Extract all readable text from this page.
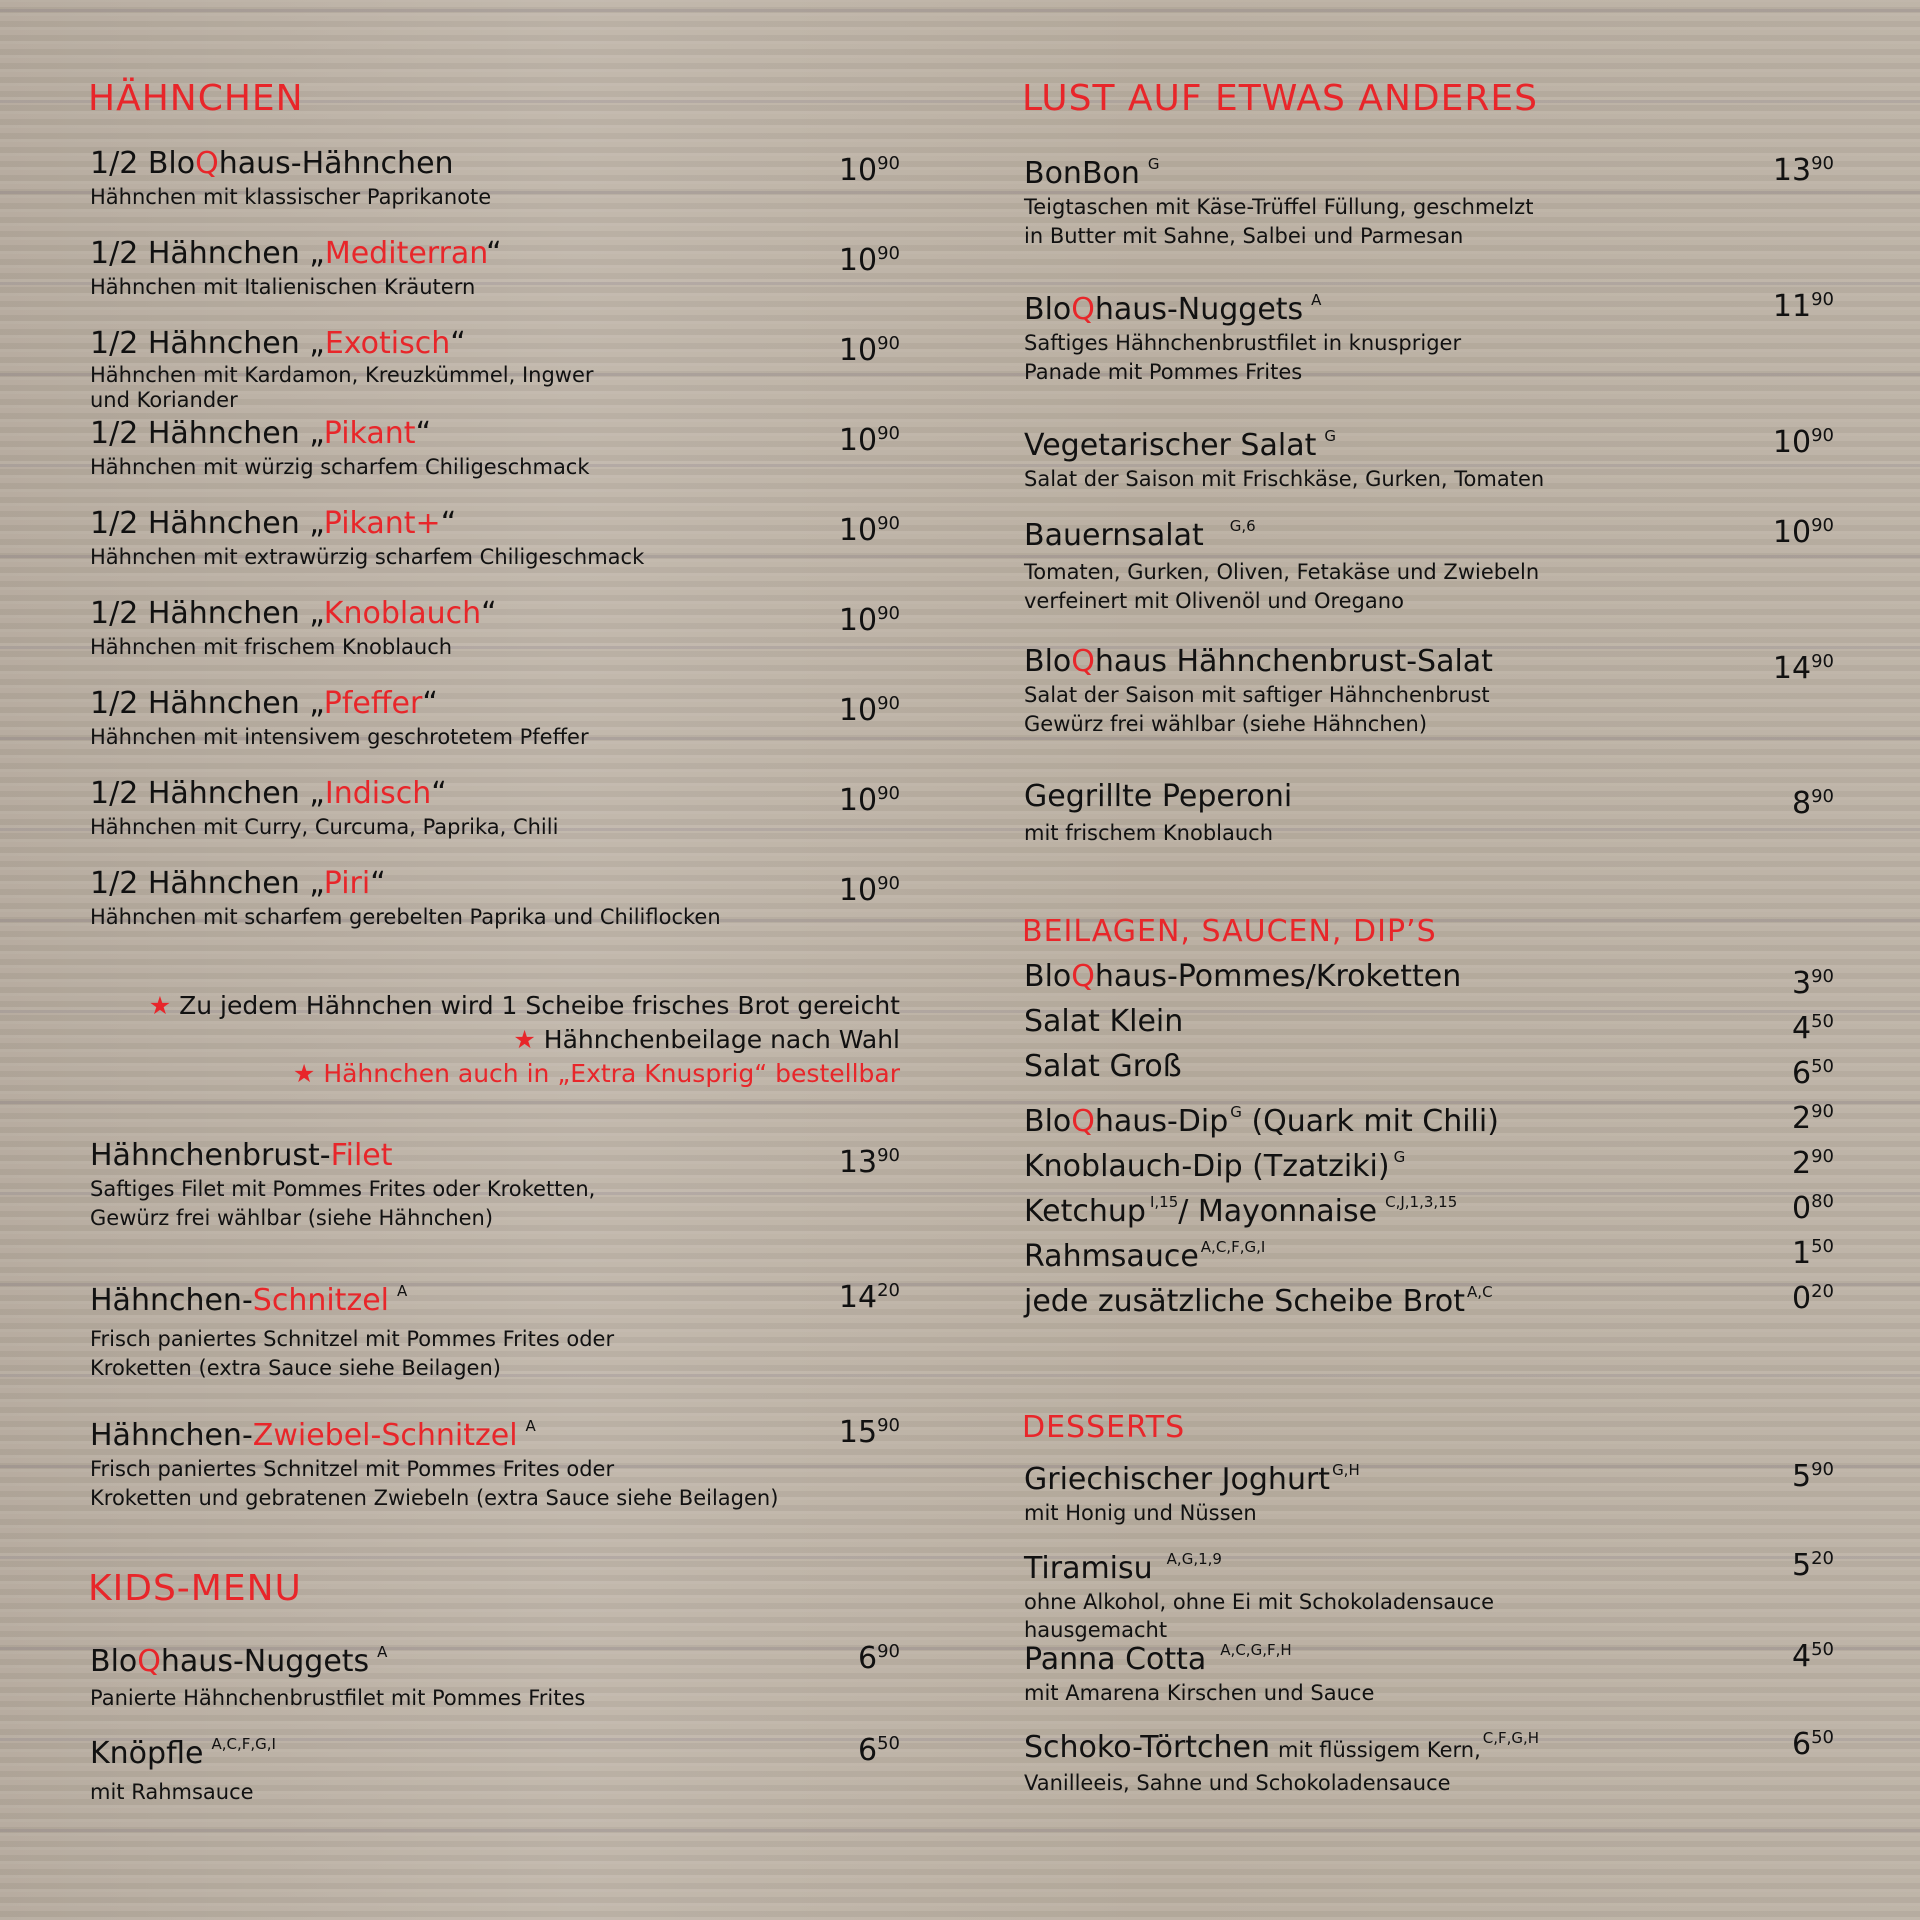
HÄHNCHEN
1/2 BloQhaus-Hähnchen
Hähnchen mit klassischer Paprikanote
$10^{90}$
1/2 Hähnchen „Mediterran“
Hähnchen mit Italienischen Kräutern
$10^{90}$
1/2 Hähnchen „Exotisch“
Hähnchen mit Kardamon, Kreuzkümmel, Ingwer
und Koriander
$10^{90}$
1/2 Hähnchen „Pikant“
Hähnchen mit würzig scharfem Chiligeschmack
$10^{90}$
1/2 Hähnchen „Pikant+“
Hähnchen mit extrawürzig scharfem Chiligeschmack
$10^{90}$
1/2 Hähnchen „Knoblauch“
Hähnchen mit frischem Knoblauch
$10^{90}$
1/2 Hähnchen „Pfeffer“
Hähnchen mit intensivem geschrotetem Pfeffer
$10^{90}$
1/2 Hähnchen „Indisch“
Hähnchen mit Curry, Curcuma, Paprika, Chili
$10^{90}$
1/2 Hähnchen „Piri“
Hähnchen mit scharfem gerebelten Paprika und Chiliflocken
$10^{90}$
★ Zu jedem Hähnchen wird 1 Scheibe frisches Brot gereicht
★ Hähnchenbeilage nach Wahl
★ Hähnchen auch in „Extra Knusprig“ bestellbar
Hähnchenbrust-Filet
Saftiges Filet mit Pommes Frites oder Kroketten,
Gewürz frei wählbar (siehe Hähnchen)
$13^{90}$
Hähnchen-Schnitzel $^A$
Frisch paniertes Schnitzel mit Pommes Frites oder
Kroketten (extra Sauce siehe Beilagen)
$14^{20}$
Hähnchen-Zwiebel-Schnitzel $^A$
Frisch paniertes Schnitzel mit Pommes Frites oder
Kroketten und gebratenen Zwiebeln (extra Sauce siehe Beilagen)
$15^{90}$
KIDS-MENU
BloQhaus-Nuggets $^A$
Panierte Hähnchenbrustfilet mit Pommes Frites
$6^{90}$
Knöpfle $^{A,C,F,G,I}$
mit Rahmsauce
$6^{50}$
LUST AUF ETWAS ANDERES
BonBon $^G$
Teigtaschen mit Käse-Trüffel Füllung, geschmelzt
in Butter mit Sahne, Salbei und Parmesan
$13^{90}$
BloQhaus-Nuggets $^A$
Saftiges Hähnchenbrustfilet in knuspriger
Panade mit Pommes Frites
$11^{90}$
Vegetarischer Salat $^G$
Salat der Saison mit Frischkäse, Gurken, Tomaten
$10^{90}$
Bauernsalat $^{G,6}$
Tomaten, Gurken, Oliven, Fetakäse und Zwiebeln
verfeinert mit Olivenöl und Oregano
$10^{90}$
BloQhaus Hähnchenbrust-Salat
Salat der Saison mit saftiger Hähnchenbrust
Gewürz frei wählbar (siehe Hähnchen)
$14^{90}$
Gegrillte Peperoni
mit frischem Knoblauch
$8^{90}$
BEILAGEN, SAUCEN, DIP’S
BloQhaus-Pommes/Kroketten	$3^{90}$
Salat Klein	$4^{50}$
Salat Groß	$6^{50}$
BloQhaus-Dip $^G$ (Quark mit Chili)	$2^{90}$
Knoblauch-Dip (Tzatziki) $^G$	$2^{90}$
Ketchup $^{I,15}$/ Mayonnaise $^{C,J,1,3,15}$	$0^{80}$
Rahmsauce $^{A,C,F,G,I}$	$1^{50}$
jede zusätzliche Scheibe Brot $^{A,C}$	$0^{20}$
DESSERTS
Griechischer Joghurt $^{G,H}$
mit Honig und Nüssen
$5^{90}$
Tiramisu $^{A,G,1,9}$
ohne Alkohol, ohne Ei mit Schokoladensauce
hausgemacht
$5^{20}$
Panna Cotta $^{A,C,G,F,H}$
mit Amarena Kirschen und Sauce
$4^{50}$
Schoko-Törtchen mit flüssigem Kern, $^{C,F,G,H}$
Vanilleeis, Sahne und Schokoladensauce
$6^{50}$
